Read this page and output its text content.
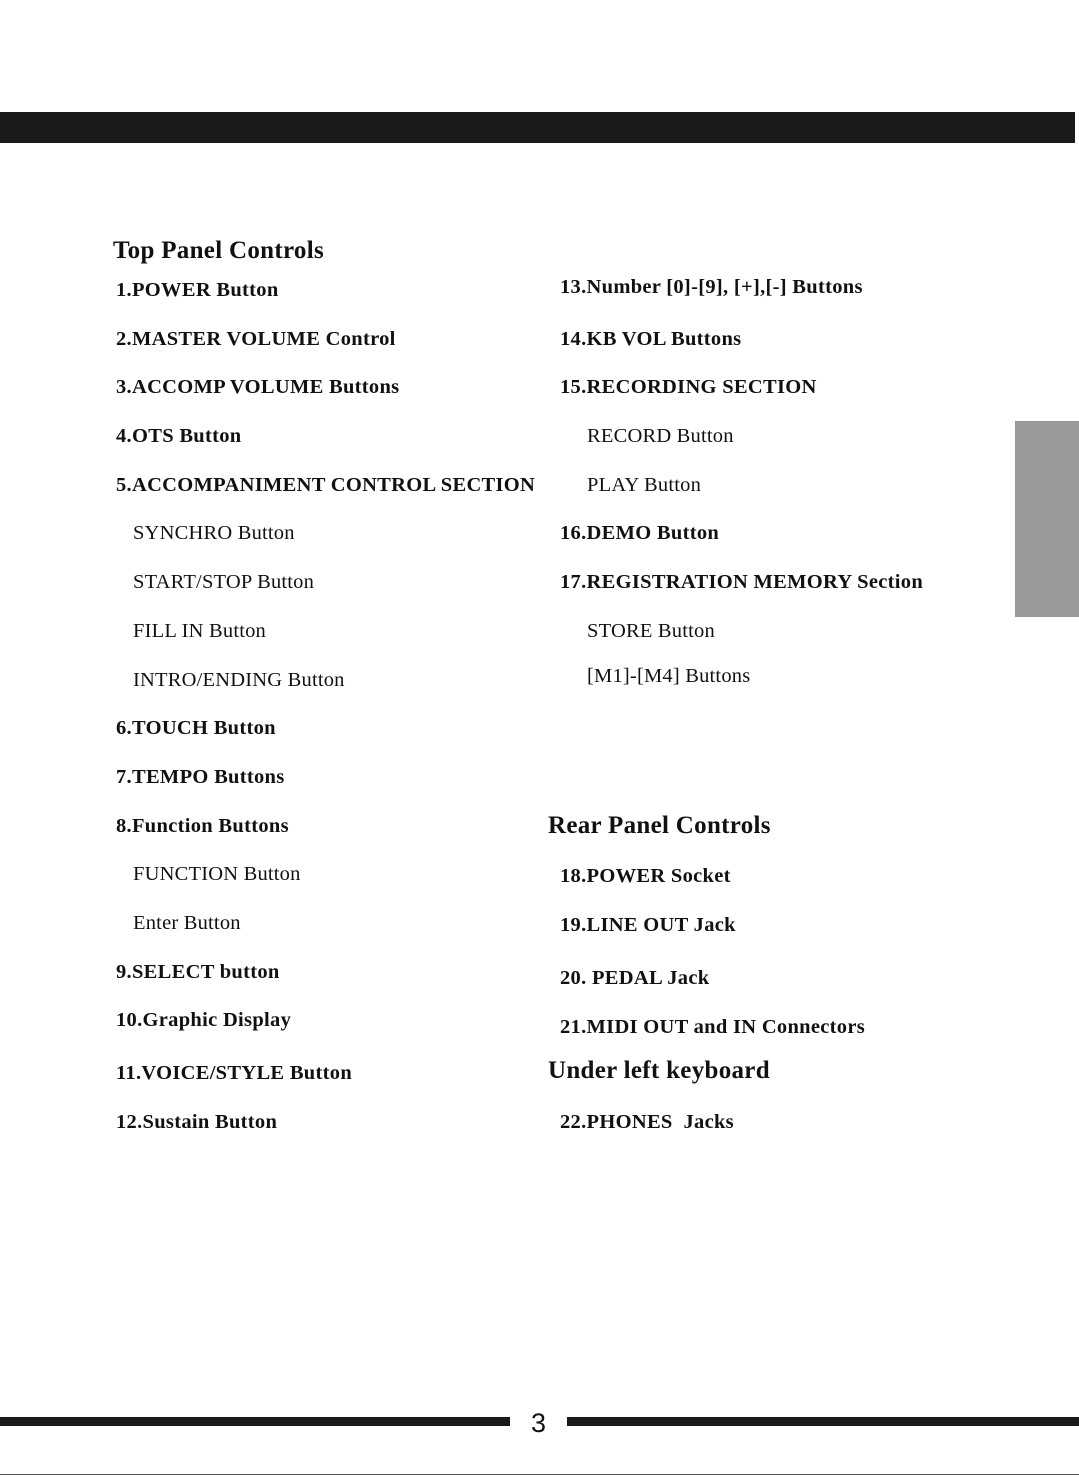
Top Panel Controls
Rear Panel Controls
Under left keyboard
1.POWER Button
2.MASTER VOLUME Control
3.ACCOMP VOLUME Buttons
4.OTS Button
5.ACCOMPANIMENT CONTROL SECTION
SYNCHRO Button
START/STOP Button
FILL IN Button
INTRO/ENDING Button
6.TOUCH Button
7.TEMPO Buttons
8.Function Buttons
FUNCTION Button
Enter Button
9.SELECT button
10.Graphic Display
11.VOICE/STYLE Button
12.Sustain Button
13.Number [0]-[9], [+],[-] Buttons
14.KB VOL Buttons
15.RECORDING SECTION
RECORD Button
PLAY Button
16.DEMO Button
17.REGISTRATION MEMORY Section
STORE Button
[M1]-[M4] Buttons
18.POWER Socket
19.LINE OUT Jack
20. PEDAL Jack
21.MIDI OUT and IN Connectors
22.PHONES  Jacks
3
